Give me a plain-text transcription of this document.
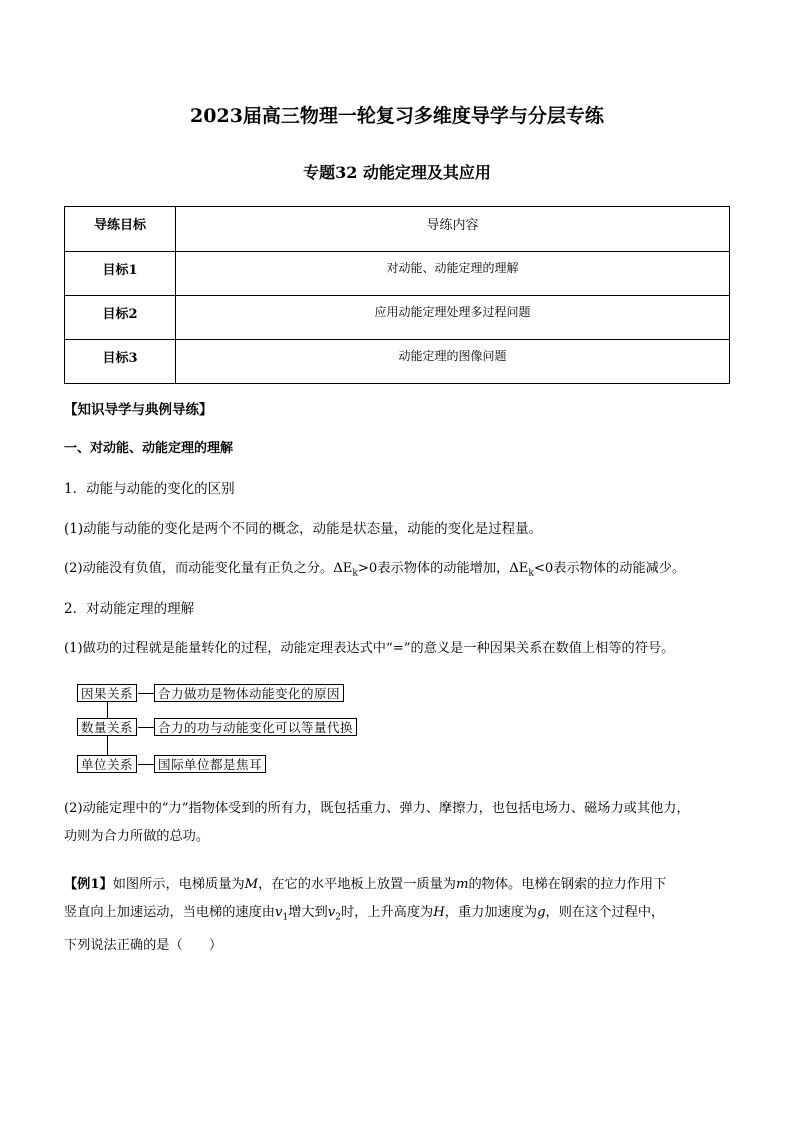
2023届高三物理一轮复习多维度导学与分层专练
专题32 动能定理及其应用
导练目标	导练内容
目标1	对动能、动能定理的理解
目标2	应用动能定理处理多过程问题
目标3	动能定理的图像问题
【知识导学与典例导练】
一、对动能、动能定理的理解
1．动能与动能的变化的区别
(1)动能与动能的变化是两个不同的概念，动能是状态量，动能的变化是过程量。
(2)动能没有负值，而动能变化量有正负之分。$\Delta E_k>0$表示物体的动能增加，$\Delta E_k<0$表示物体的动能减少。
2．对动能定理的理解
(1)做功的过程就是能量转化的过程，动能定理表达式中“=”的意义是一种因果关系在数值上相等的符号。
因果关系	合力做功是物体动能变化的原因
数量关系	合力的功与动能变化可以等量代换
单位关系	国际单位都是焦耳
(2)动能定理中的“力”指物体受到的所有力，既包括重力、弹力、摩擦力，也包括电场力、磁场力或其他力，
功则为合力所做的总功。
【例1】如图所示，电梯质量为M，在它的水平地板上放置一质量为m的物体。电梯在钢索的拉力作用下
竖直向上加速运动，当电梯的速度由$v_1$增大到$v_2$时，上升高度为H，重力加速度为g，则在这个过程中，
下列说法正确的是（　　）
